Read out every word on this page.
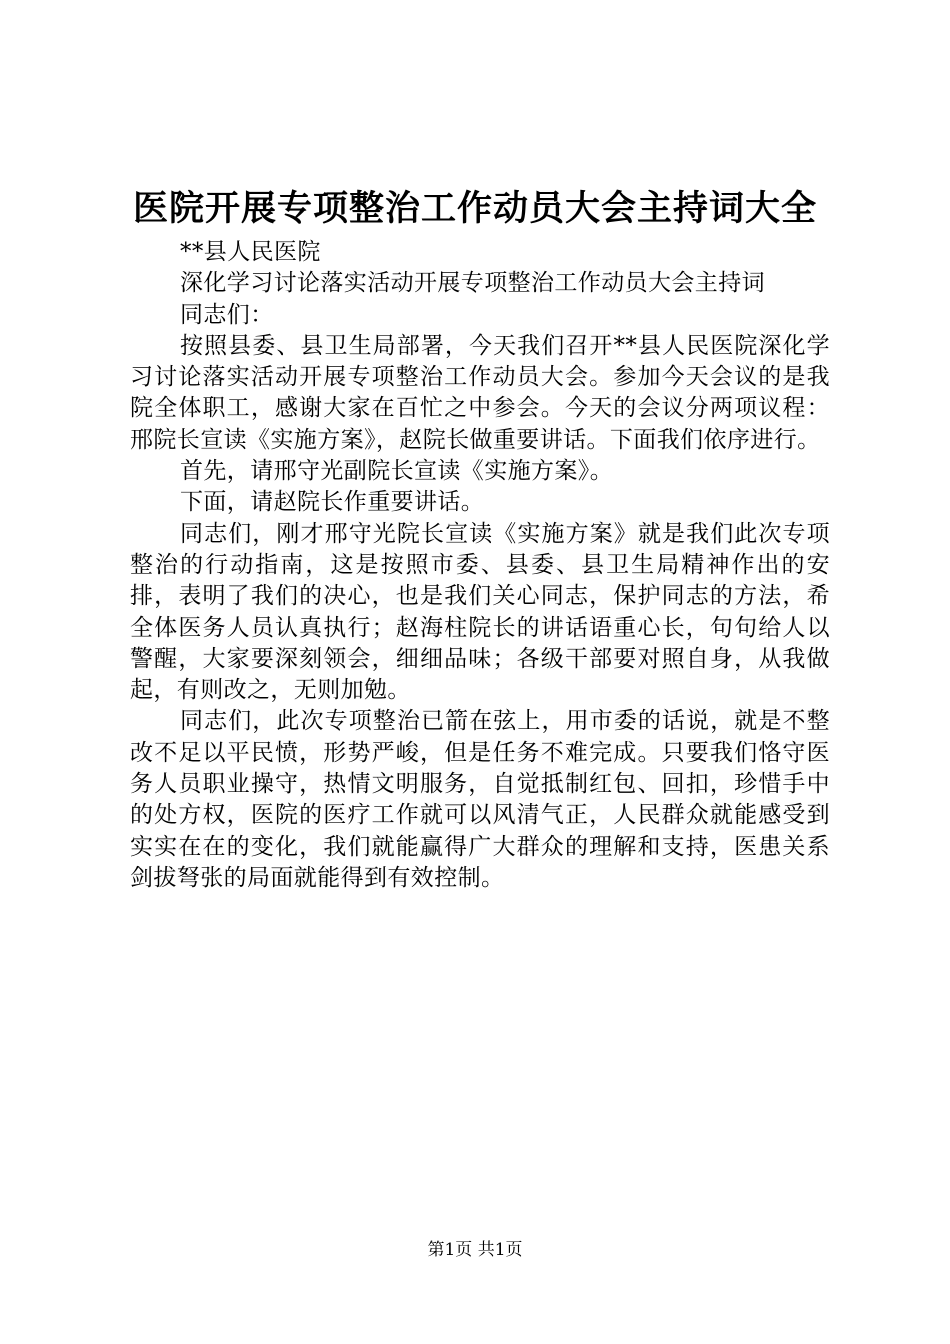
医院开展专项整治工作动员大会主持词大全

**县人民医院

深化学习讨论落实活动开展专项整治工作动员大会主持词

同志们：

按照县委、县卫生局部署，今天我们召开**县人民医院深化学习讨论落实活动开展专项整治工作动员大会。参加今天会议的是我院全体职工，感谢大家在百忙之中参会。今天的会议分两项议程：邢院长宣读《实施方案》，赵院长做重要讲话。下面我们依序进行。

首先，请邢守光副院长宣读《实施方案》。

下面，请赵院长作重要讲话。

同志们，刚才邢守光院长宣读《实施方案》就是我们此次专项整治的行动指南，这是按照市委、县委、县卫生局精神作出的安排，表明了我们的决心，也是我们关心同志，保护同志的方法，希全体医务人员认真执行；赵海柱院长的讲话语重心长，句句给人以警醒，大家要深刻领会，细细品味；各级干部要对照自身，从我做起，有则改之，无则加勉。

同志们，此次专项整治已箭在弦上，用市委的话说，就是不整改不足以平民愤，形势严峻，但是任务不难完成。只要我们恪守医务人员职业操守，热情文明服务，自觉抵制红包、回扣，珍惜手中的处方权，医院的医疗工作就可以风清气正，人民群众就能感受到实实在在的变化，我们就能赢得广大群众的理解和支持，医患关系剑拔弩张的局面就能得到有效控制。

第1页 共1页
